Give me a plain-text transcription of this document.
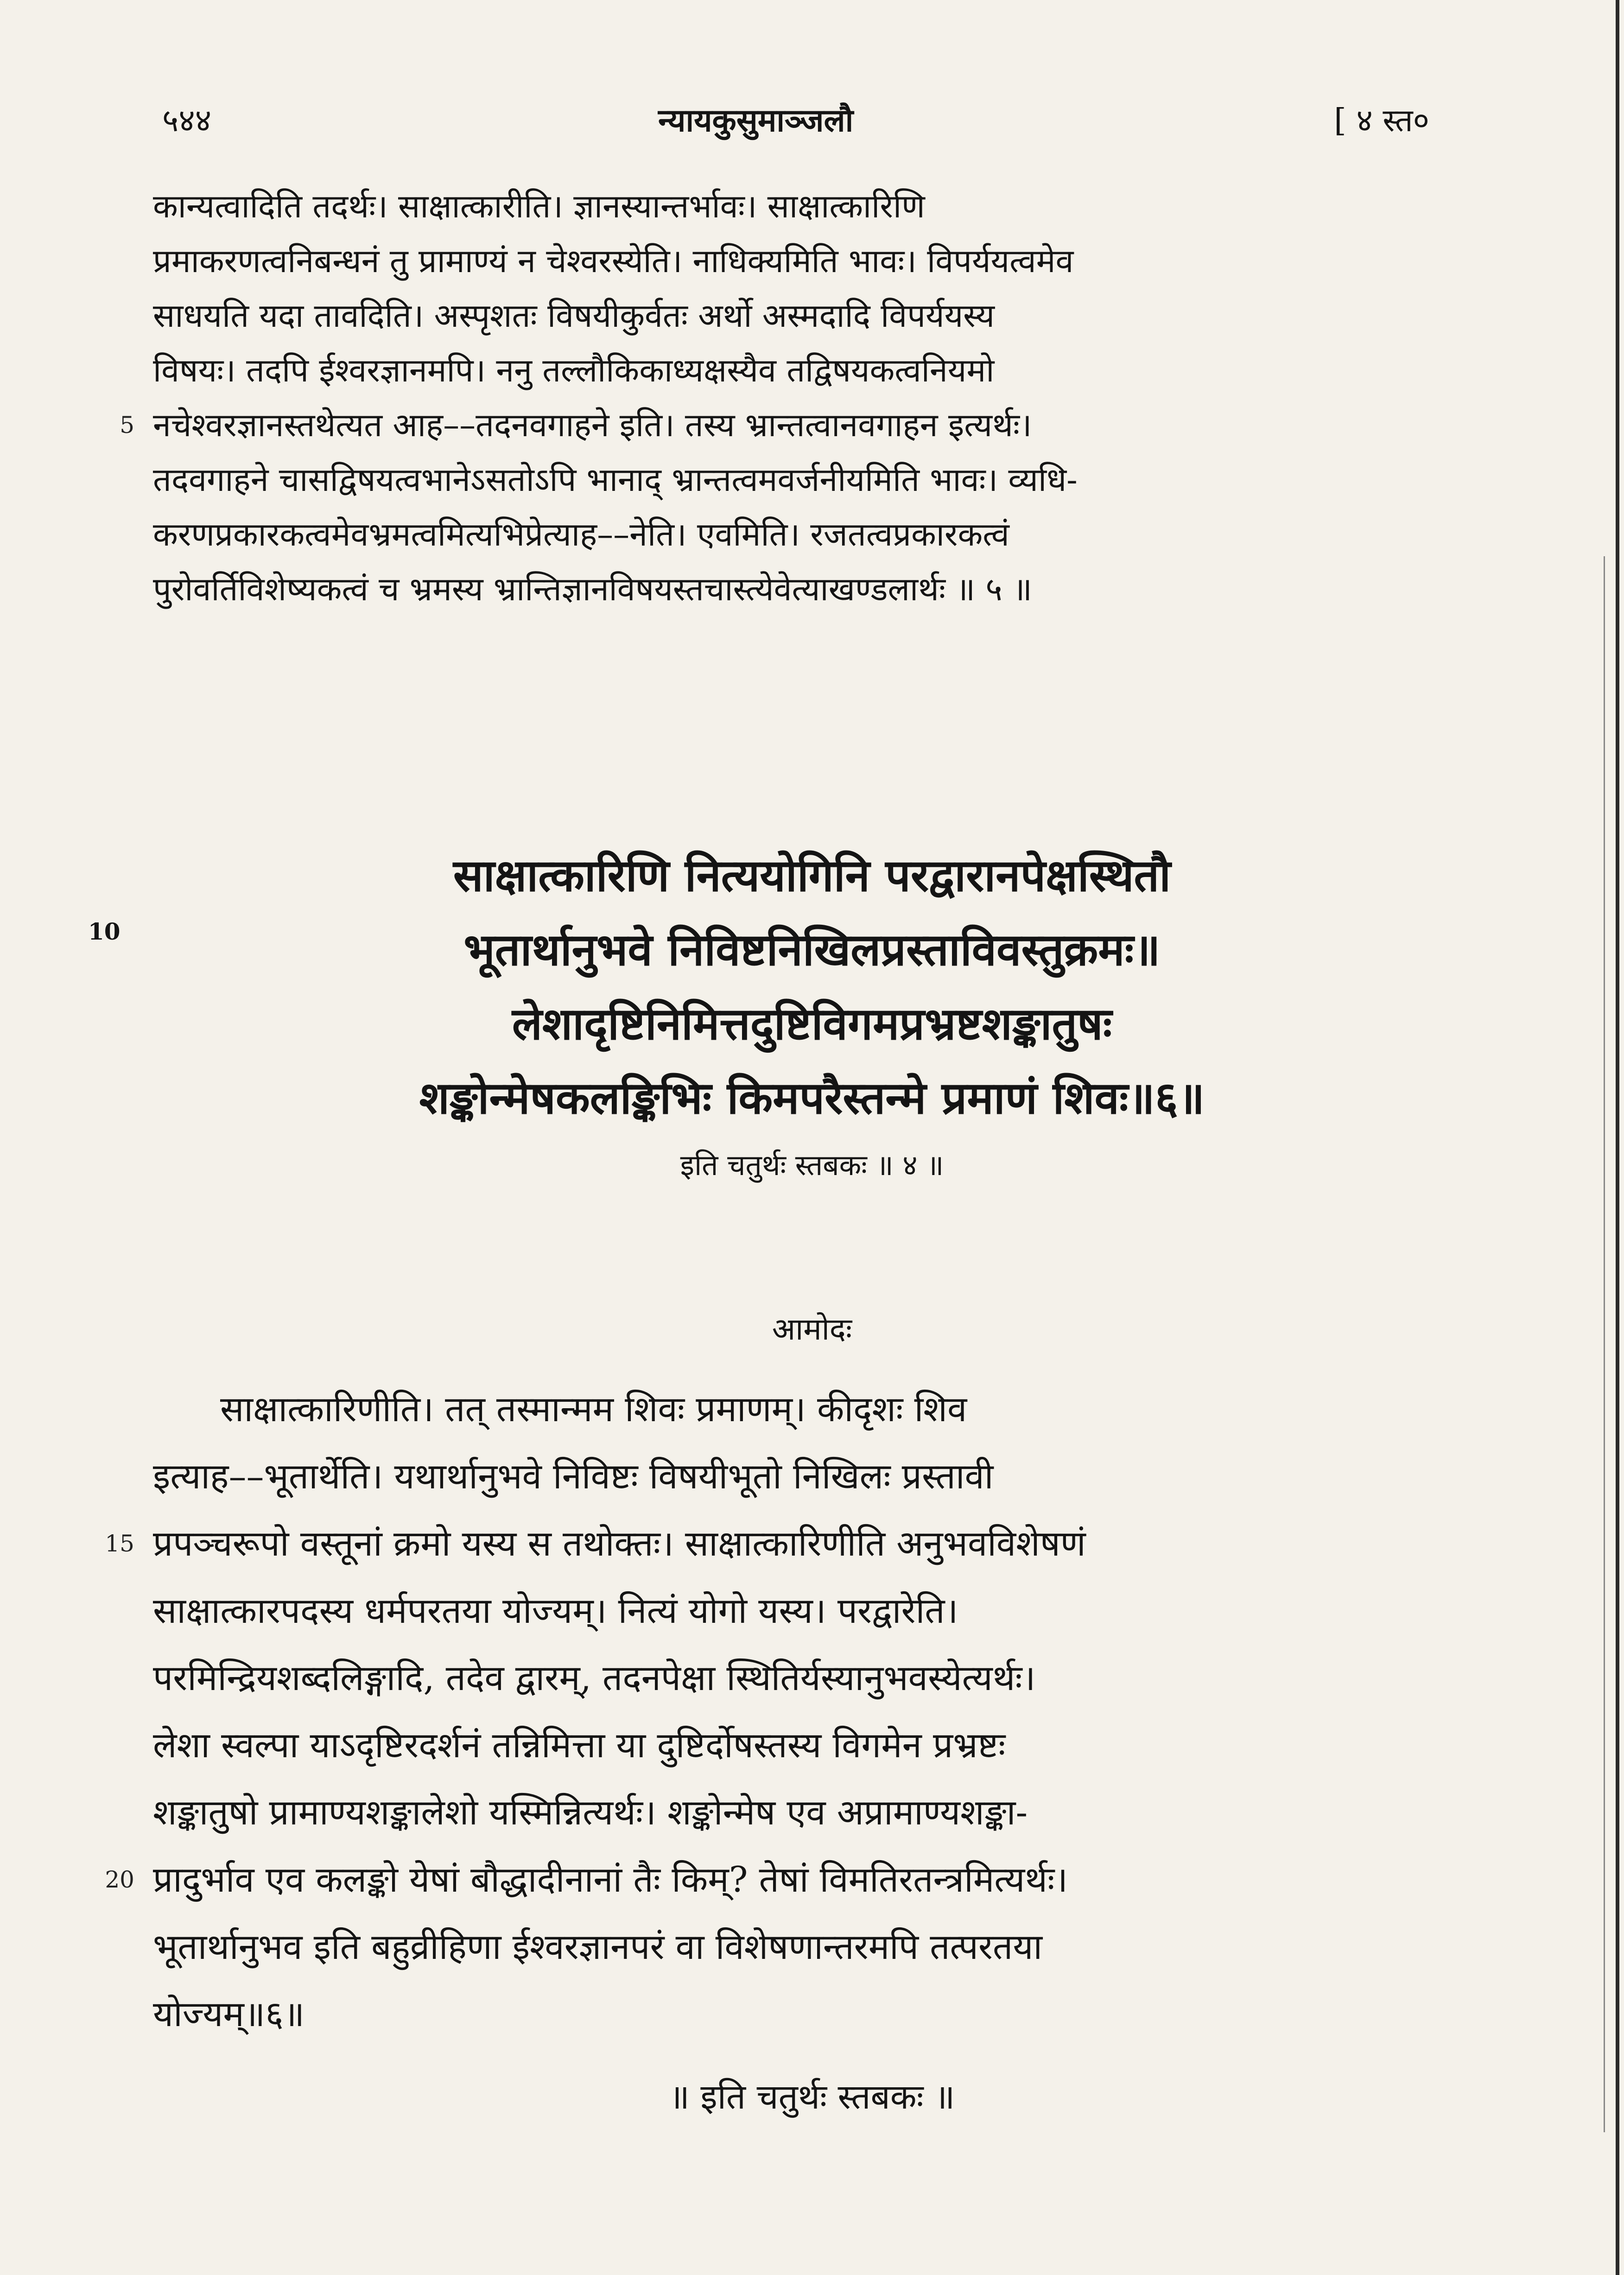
५४४	न्यायकुसुमाञ्जलौ	[ ४ स्त०
कान्यत्वादिति तदर्थः। साक्षात्कारीति। ज्ञानस्यान्तर्भावः। साक्षात्कारिणि
प्रमाकरणत्वनिबन्धनं तु प्रामाण्यं न चेश्वरस्येति। नाधिक्यमिति भावः। विपर्ययत्वमेव
साधयति यदा तावदिति। अस्पृशतः विषयीकुर्वतः अर्थो अस्मदादि विपर्ययस्य
विषयः। तदपि ईश्वरज्ञानमपि। ननु तल्लौकिकाध्यक्षस्यैव तद्विषयकत्वनियमो
5 नचेश्वरज्ञानस्तथेत्यत आह––तदनवगाहने इति। तस्य भ्रान्तत्वानवगाहन इत्यर्थः।
तदवगाहने चासद्विषयत्वभानेऽसतोऽपि भानाद् भ्रान्तत्वमवर्जनीयमिति भावः। व्यधि-
करणप्रकारकत्वमेवभ्रमत्वमित्यभिप्रेत्याह––नेति। एवमिति। रजतत्वप्रकारकत्वं
पुरोवर्तिविशेष्यकत्वं च भ्रमस्य भ्रान्तिज्ञानविषयस्तचास्त्येवेत्याखण्डलार्थः ॥ ५ ॥
साक्षात्कारिणि नित्ययोगिनि परद्वारानपेक्षस्थितौ
10	भूतार्थानुभवे निविष्टनिखिलप्रस्ताविवस्तुक्रमः॥
लेशादृष्टिनिमित्तदुष्टिविगमप्रभ्रष्टशङ्कातुषः
शङ्कोन्मेषकलङ्किभिः किमपरैस्तन्मे प्रमाणं शिवः॥६॥
इति चतुर्थः स्तबकः ॥ ४ ॥
आमोदः
साक्षात्कारिणीति। तत् तस्मान्मम शिवः प्रमाणम्। कीदृशः शिव
इत्याह––भूतार्थेति। यथार्थानुभवे निविष्टः विषयीभूतो निखिलः प्रस्तावी
15 प्रपञ्चरूपो वस्तूनां क्रमो यस्य स तथोक्तः। साक्षात्कारिणीति अनुभवविशेषणं
साक्षात्कारपदस्य धर्मपरतया योज्यम्। नित्यं योगो यस्य। परद्वारेति।
परमिन्द्रियशब्दलिङ्गादि, तदेव द्वारम्, तदनपेक्षा स्थितिर्यस्यानुभवस्येत्यर्थः।
लेशा स्वल्पा याऽदृष्टिरदर्शनं तन्निमित्ता या दुष्टिर्दोषस्तस्य विगमेन प्रभ्रष्टः
शङ्कातुषो प्रामाण्यशङ्कालेशो यस्मिन्नित्यर्थः। शङ्कोन्मेष एव अप्रामाण्यशङ्का-
20 प्रादुर्भाव एव कलङ्को येषां बौद्धादीनानां तैः किम्? तेषां विमतिरतन्त्रमित्यर्थः।
भूतार्थानुभव इति बहुव्रीहिणा ईश्वरज्ञानपरं वा विशेषणान्तरमपि तत्परतया
योज्यम्॥६॥
॥ इति चतुर्थः स्तबकः ॥
